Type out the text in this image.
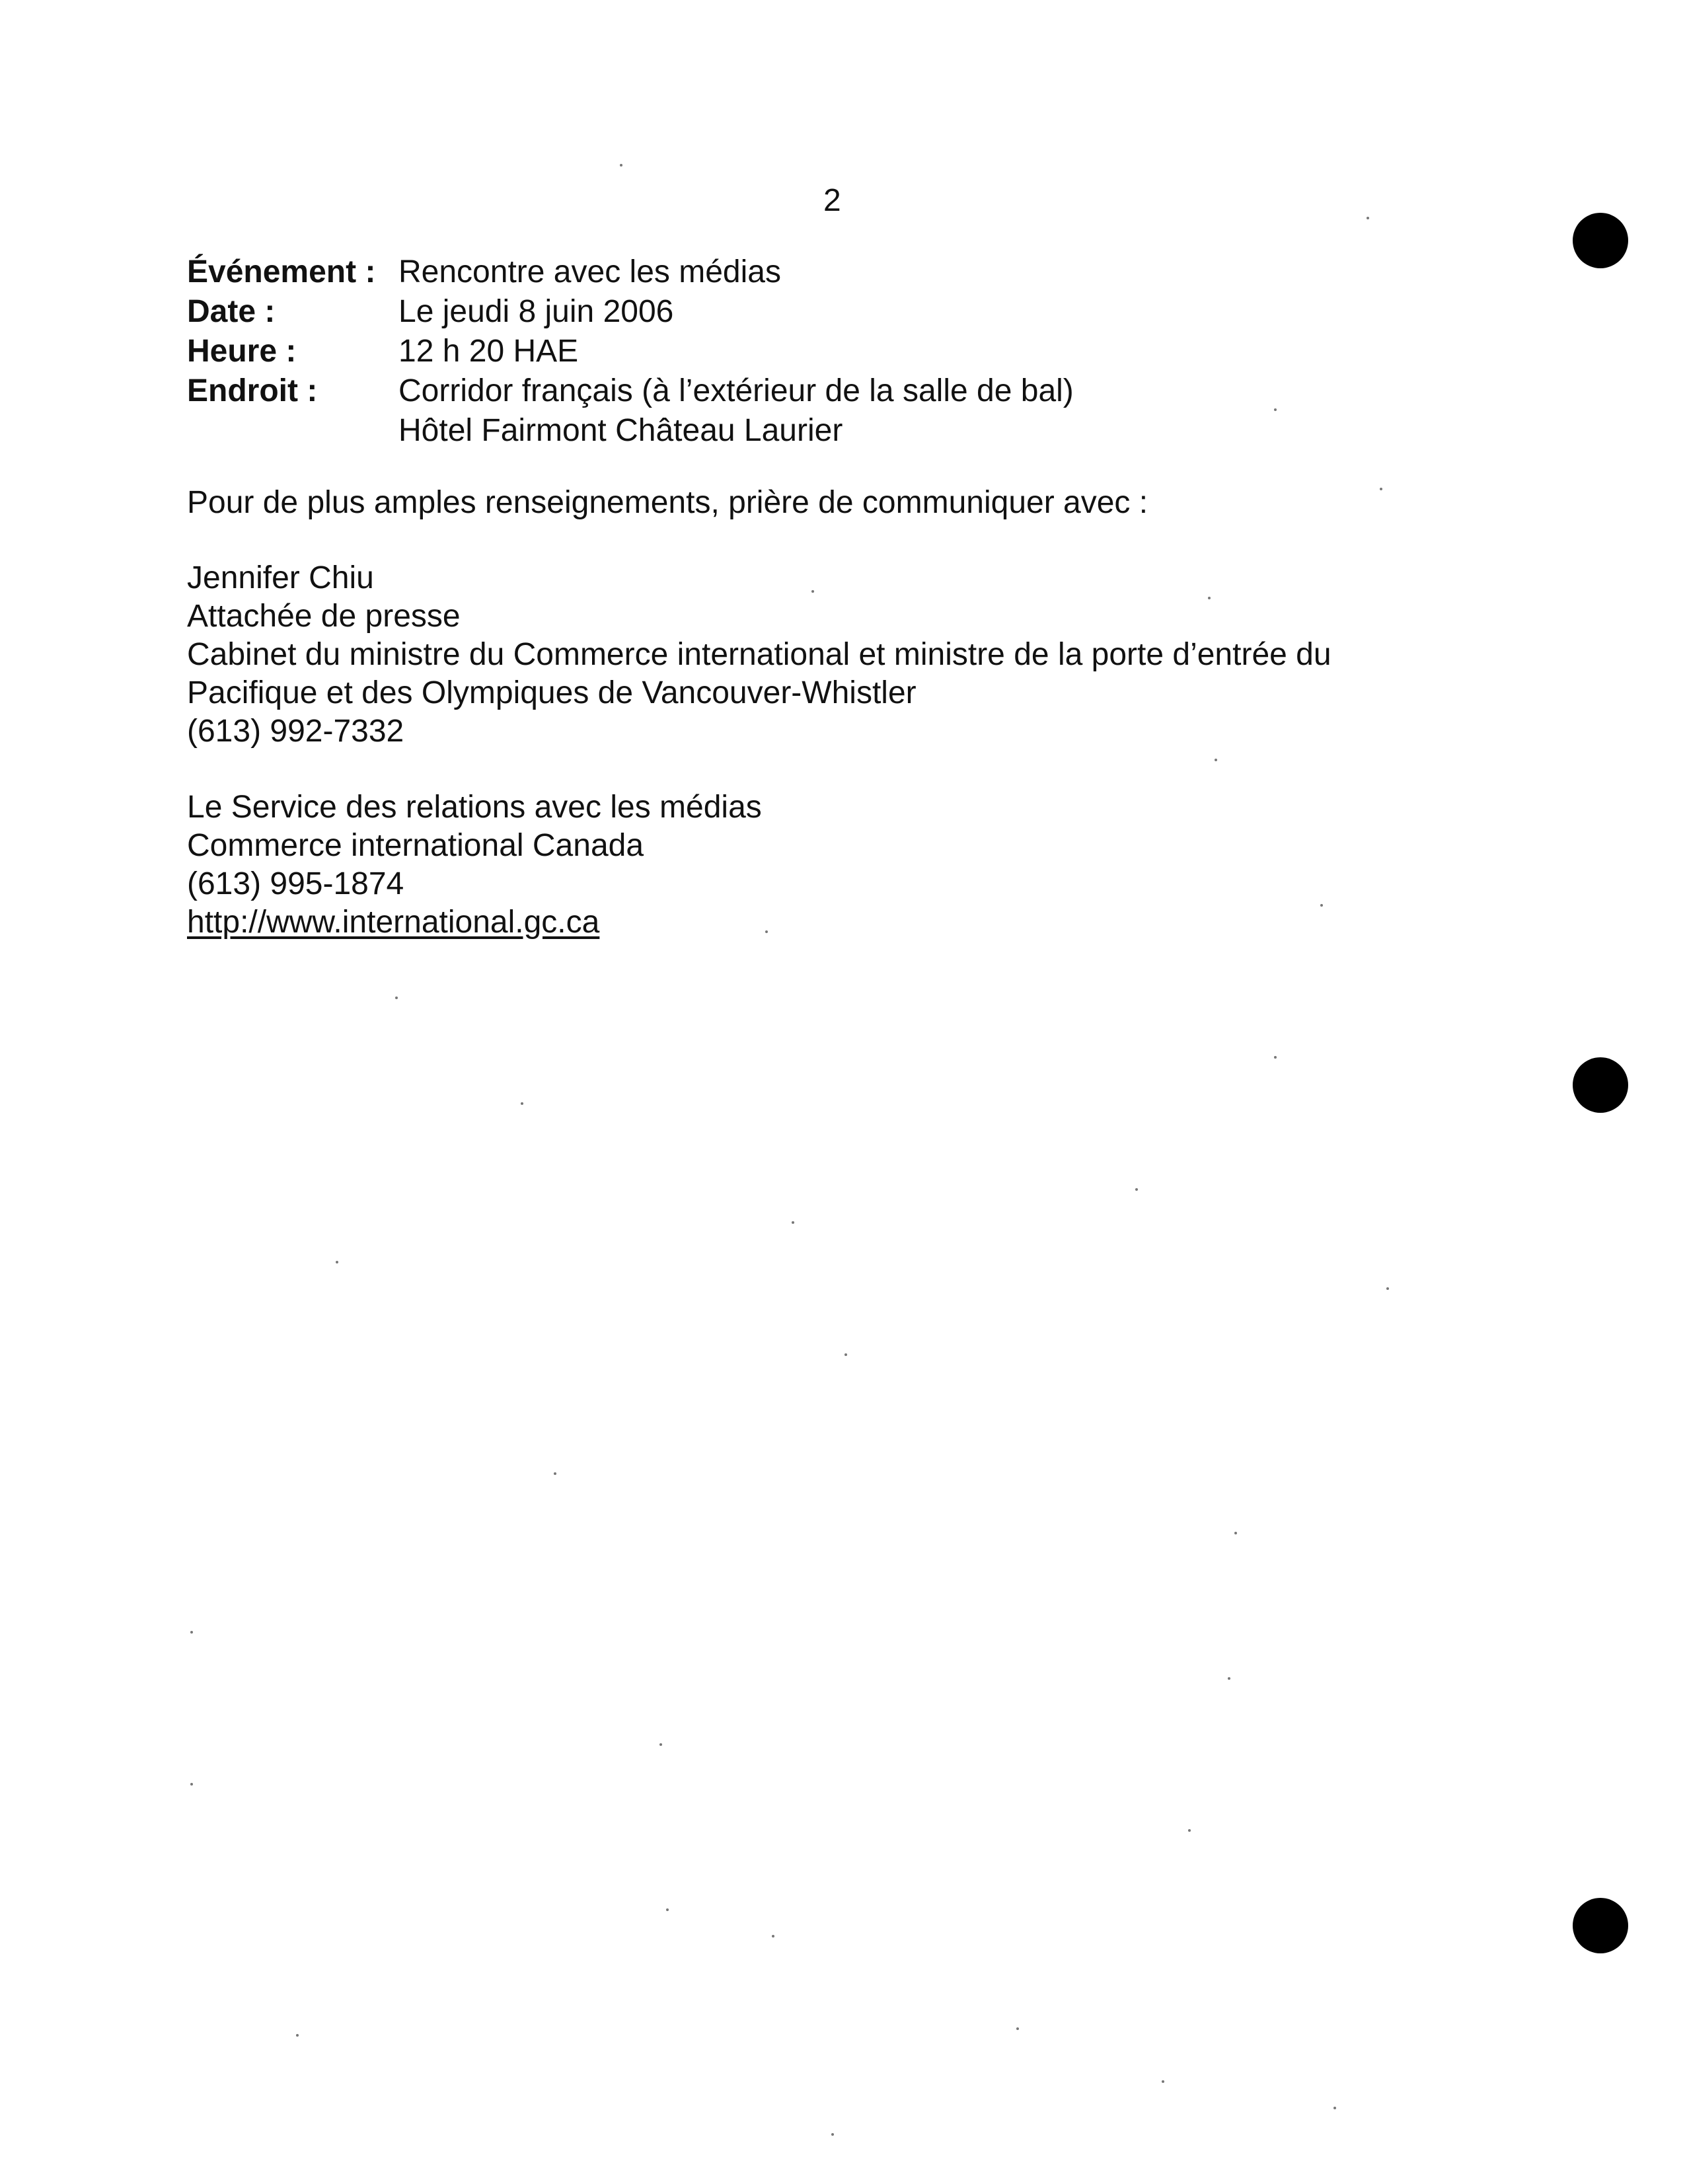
2
Événement : Rencontre avec les médias
Date :	Le jeudi 8 juin 2006
Heure :	12 h 20 HAE
Endroit :	Corridor français (à l’extérieur de la salle de bal)
Hôtel Fairmont Château Laurier
Pour de plus amples renseignements, prière de communiquer avec :
Jennifer Chiu
Attachée de presse
Cabinet du ministre du Commerce international et ministre de la porte d’entrée du
Pacifique et des Olympiques de Vancouver-Whistler
(613) 992-7332
Le Service des relations avec les médias
Commerce international Canada
(613) 995-1874
http://www.international.gc.ca
